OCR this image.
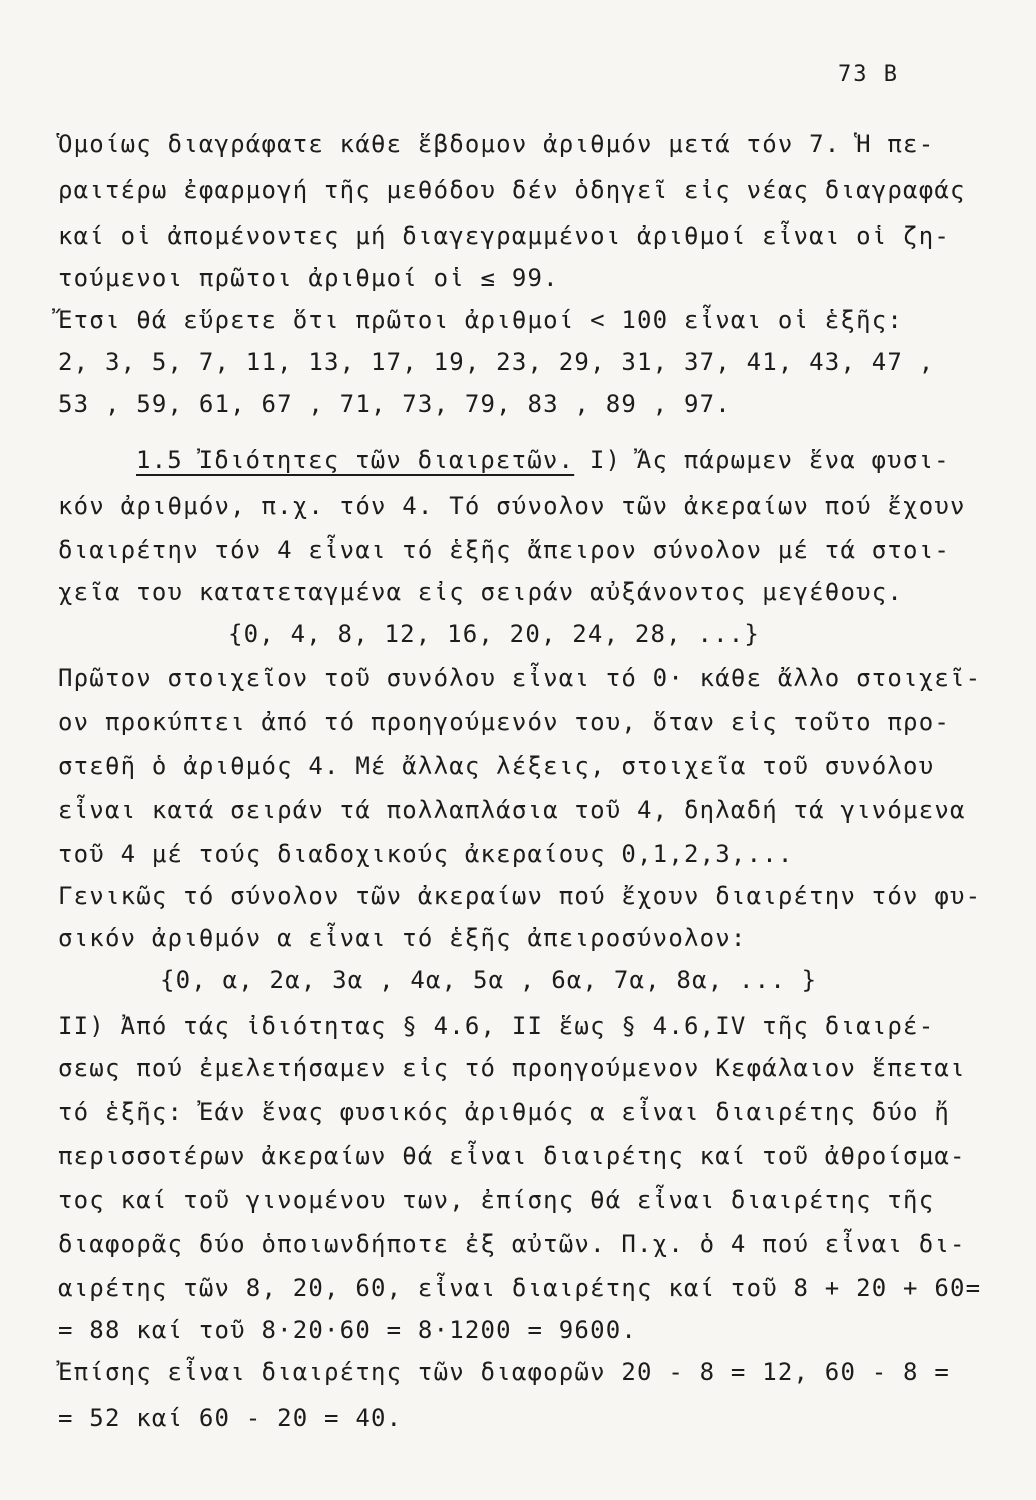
73 B
Ὁμοίως διαγράφατε κάθε ἕβδομον ἀριθμόν μετά τόν 7. Ἡ πε-
ραιτέρω ἐφαρμογή τῆς μεθόδου δέν ὁδηγεῖ εἰς νέας διαγραφάς
καί οἱ ἀπομένοντες μή διαγεγραμμένοι ἀριθμοί εἶναι οἱ ζη-
τούμενοι πρῶτοι ἀριθμοί οἱ ≤ 99.
Ἔτσι θά εὕρετε ὅτι πρῶτοι ἀριθμοί < 100 εἶναι οἱ ἑξῆς:
2, 3, 5, 7, 11, 13, 17, 19, 23, 29, 31, 37, 41, 43, 47 ,
53 , 59, 61, 67 , 71, 73, 79, 83 , 89 , 97.
1.5 Ἰδιότητες τῶν διαιρετῶν. I) Ἄς πάρωμεν ἕνα φυσι-
κόν ἀριθμόν, π.χ. τόν 4. Τό σύνολον τῶν ἀκεραίων πού ἔχουν
διαιρέτην τόν 4 εἶναι τό ἑξῆς ἄπειρον σύνολον μέ τά στοι-
χεῖα του κατατεταγμένα εἰς σειράν αὐξάνοντος μεγέθους.
{0, 4, 8, 12, 16, 20, 24, 28, ...}
Πρῶτον στοιχεῖον τοῦ συνόλου εἶναι τό 0· κάθε ἄλλο στοιχεῖ-
ον προκύπτει ἀπό τό προηγούμενόν του, ὅταν εἰς τοῦτο προ-
στεθῆ ὁ ἀριθμός 4. Μέ ἄλλας λέξεις, στοιχεῖα τοῦ συνόλου
εἶναι κατά σειράν τά πολλαπλάσια τοῦ 4, δηλαδή τά γινόμενα
τοῦ 4 μέ τούς διαδοχικούς ἀκεραίους 0,1,2,3,...
Γενικῶς τό σύνολον τῶν ἀκεραίων πού ἔχουν διαιρέτην τόν φυ-
σικόν ἀριθμόν α εἶναι τό ἑξῆς ἀπειροσύνολον:
{0, α, 2α, 3α , 4α, 5α , 6α, 7α, 8α, ... }
II) Ἀπό τάς ἰδιότητας § 4.6, II ἕως § 4.6,IV τῆς διαιρέ-
σεως πού ἐμελετήσαμεν εἰς τό προηγούμενον Κεφάλαιον ἕπεται
τό ἑξῆς: Ἐάν ἕνας φυσικός ἀριθμός α εἶναι διαιρέτης δύο ἤ
περισσοτέρων ἀκεραίων θά εἶναι διαιρέτης καί τοῦ ἀθροίσμα-
τος καί τοῦ γινομένου των, ἐπίσης θά εἶναι διαιρέτης τῆς
διαφορᾶς δύο ὁποιωνδήποτε ἐξ αὐτῶν. Π.χ. ὁ 4 πού εἶναι δι-
αιρέτης τῶν 8, 20, 60, εἶναι διαιρέτης καί τοῦ 8 + 20 + 60=
= 88 καί τοῦ 8·20·60 = 8·1200 = 9600.
Ἐπίσης εἶναι διαιρέτης τῶν διαφορῶν 20 - 8 = 12, 60 - 8 =
= 52 καί 60 - 20 = 40.
